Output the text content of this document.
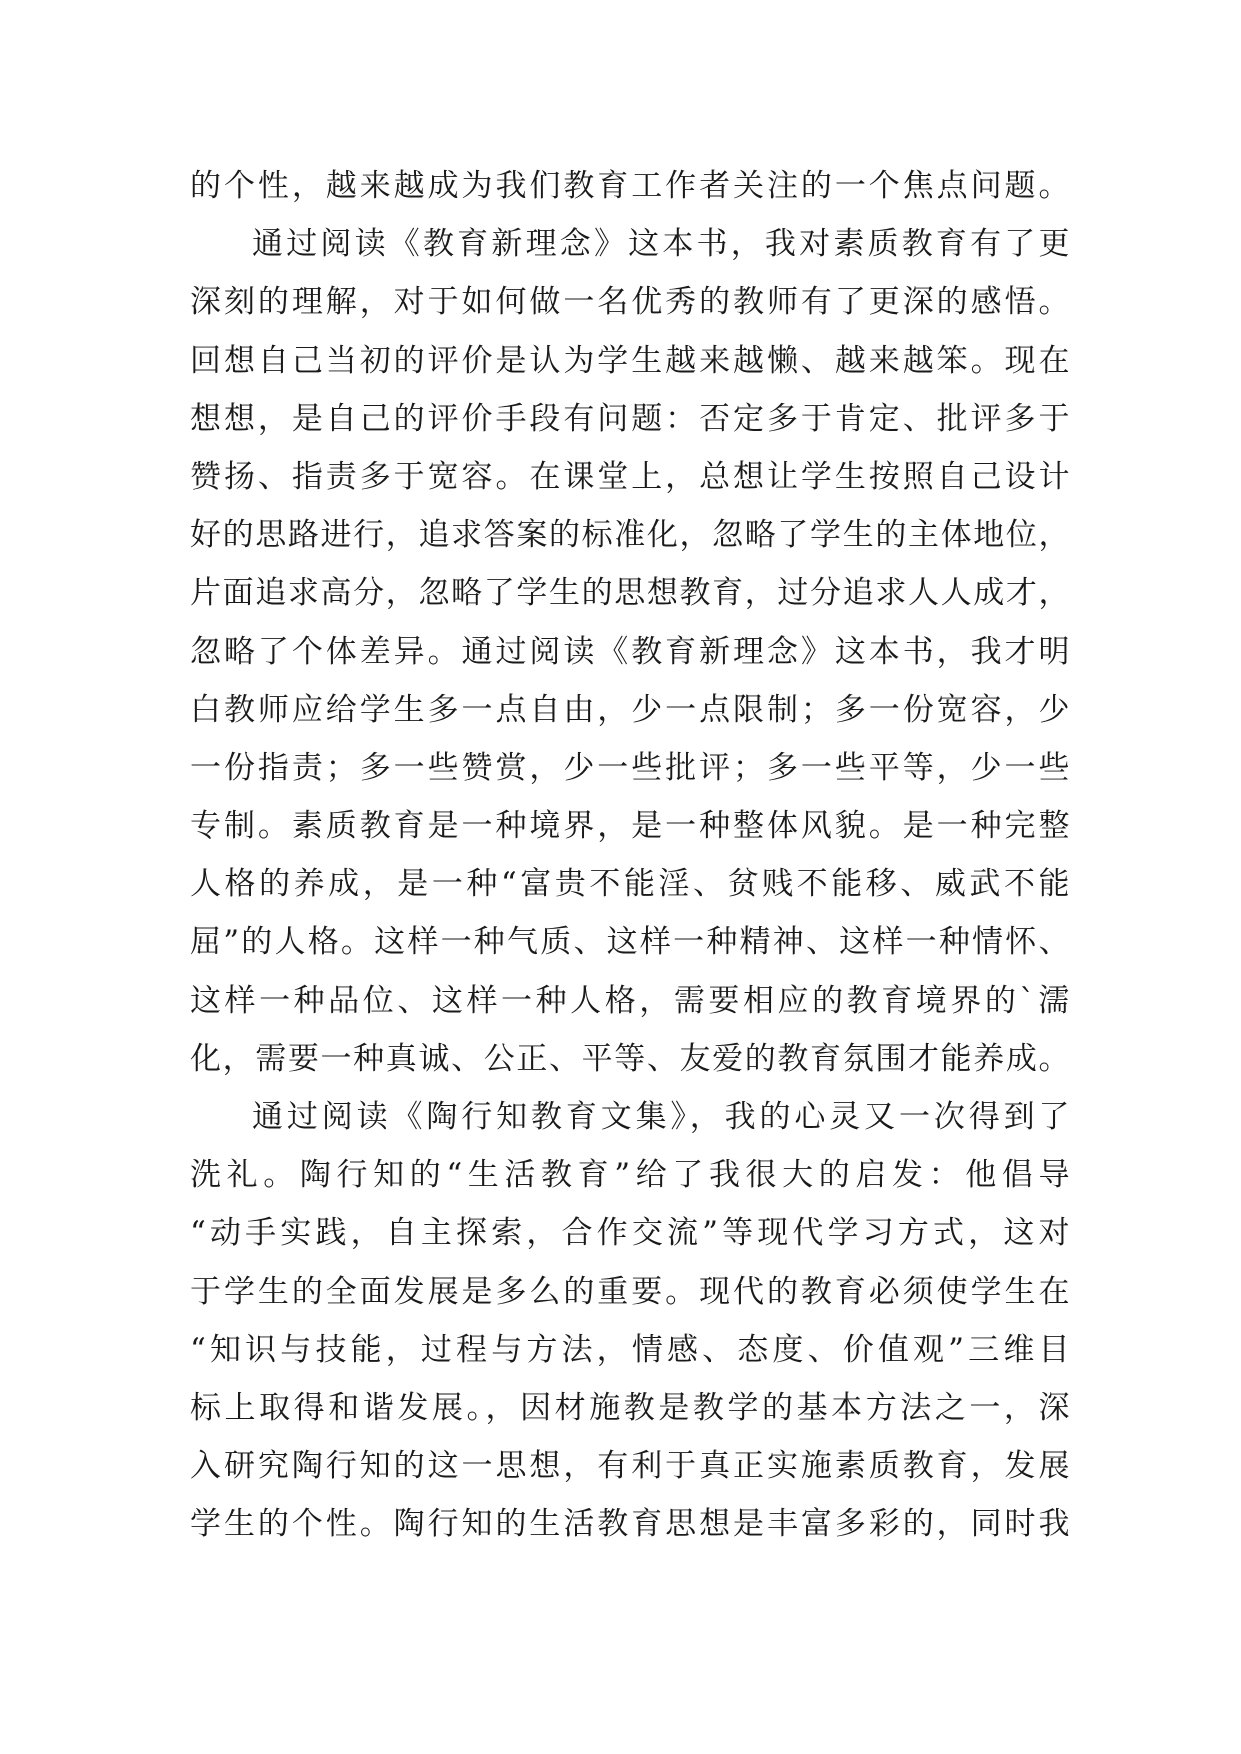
的个性，越来越成为我们教育工作者关注的一个焦点问题。
通过阅读《教育新理念》这本书，我对素质教育有了更
深刻的理解，对于如何做一名优秀的教师有了更深的感悟。
回想自己当初的评价是认为学生越来越懒、越来越笨。现在
想想，是自己的评价手段有问题：否定多于肯定、批评多于
赞扬、指责多于宽容。在课堂上，总想让学生按照自己设计
好的思路进行，追求答案的标准化，忽略了学生的主体地位，
片面追求高分，忽略了学生的思想教育，过分追求人人成才，
忽略了个体差异。通过阅读《教育新理念》这本书，我才明
白教师应给学生多一点自由，少一点限制；多一份宽容，少
一份指责；多一些赞赏，少一些批评；多一些平等，少一些
专制。素质教育是一种境界，是一种整体风貌。是一种完整
人格的养成，是一种“富贵不能淫、贫贱不能移、威武不能
屈”的人格。这样一种气质、这样一种精神、这样一种情怀、
这样一种品位、这样一种人格，需要相应的教育境界的`濡
化，需要一种真诚、公正、平等、友爱的教育氛围才能养成。
通过阅读《陶行知教育文集》，我的心灵又一次得到了
洗礼。陶行知的“生活教育”给了我很大的启发：他倡导
“动手实践，自主探索，合作交流”等现代学习方式，这对
于学生的全面发展是多么的重要。现代的教育必须使学生在
“知识与技能，过程与方法，情感、态度、价值观”三维目
标上取得和谐发展。，因材施教是教学的基本方法之一，深
入研究陶行知的这一思想，有利于真正实施素质教育，发展
学生的个性。陶行知的生活教育思想是丰富多彩的，同时我
